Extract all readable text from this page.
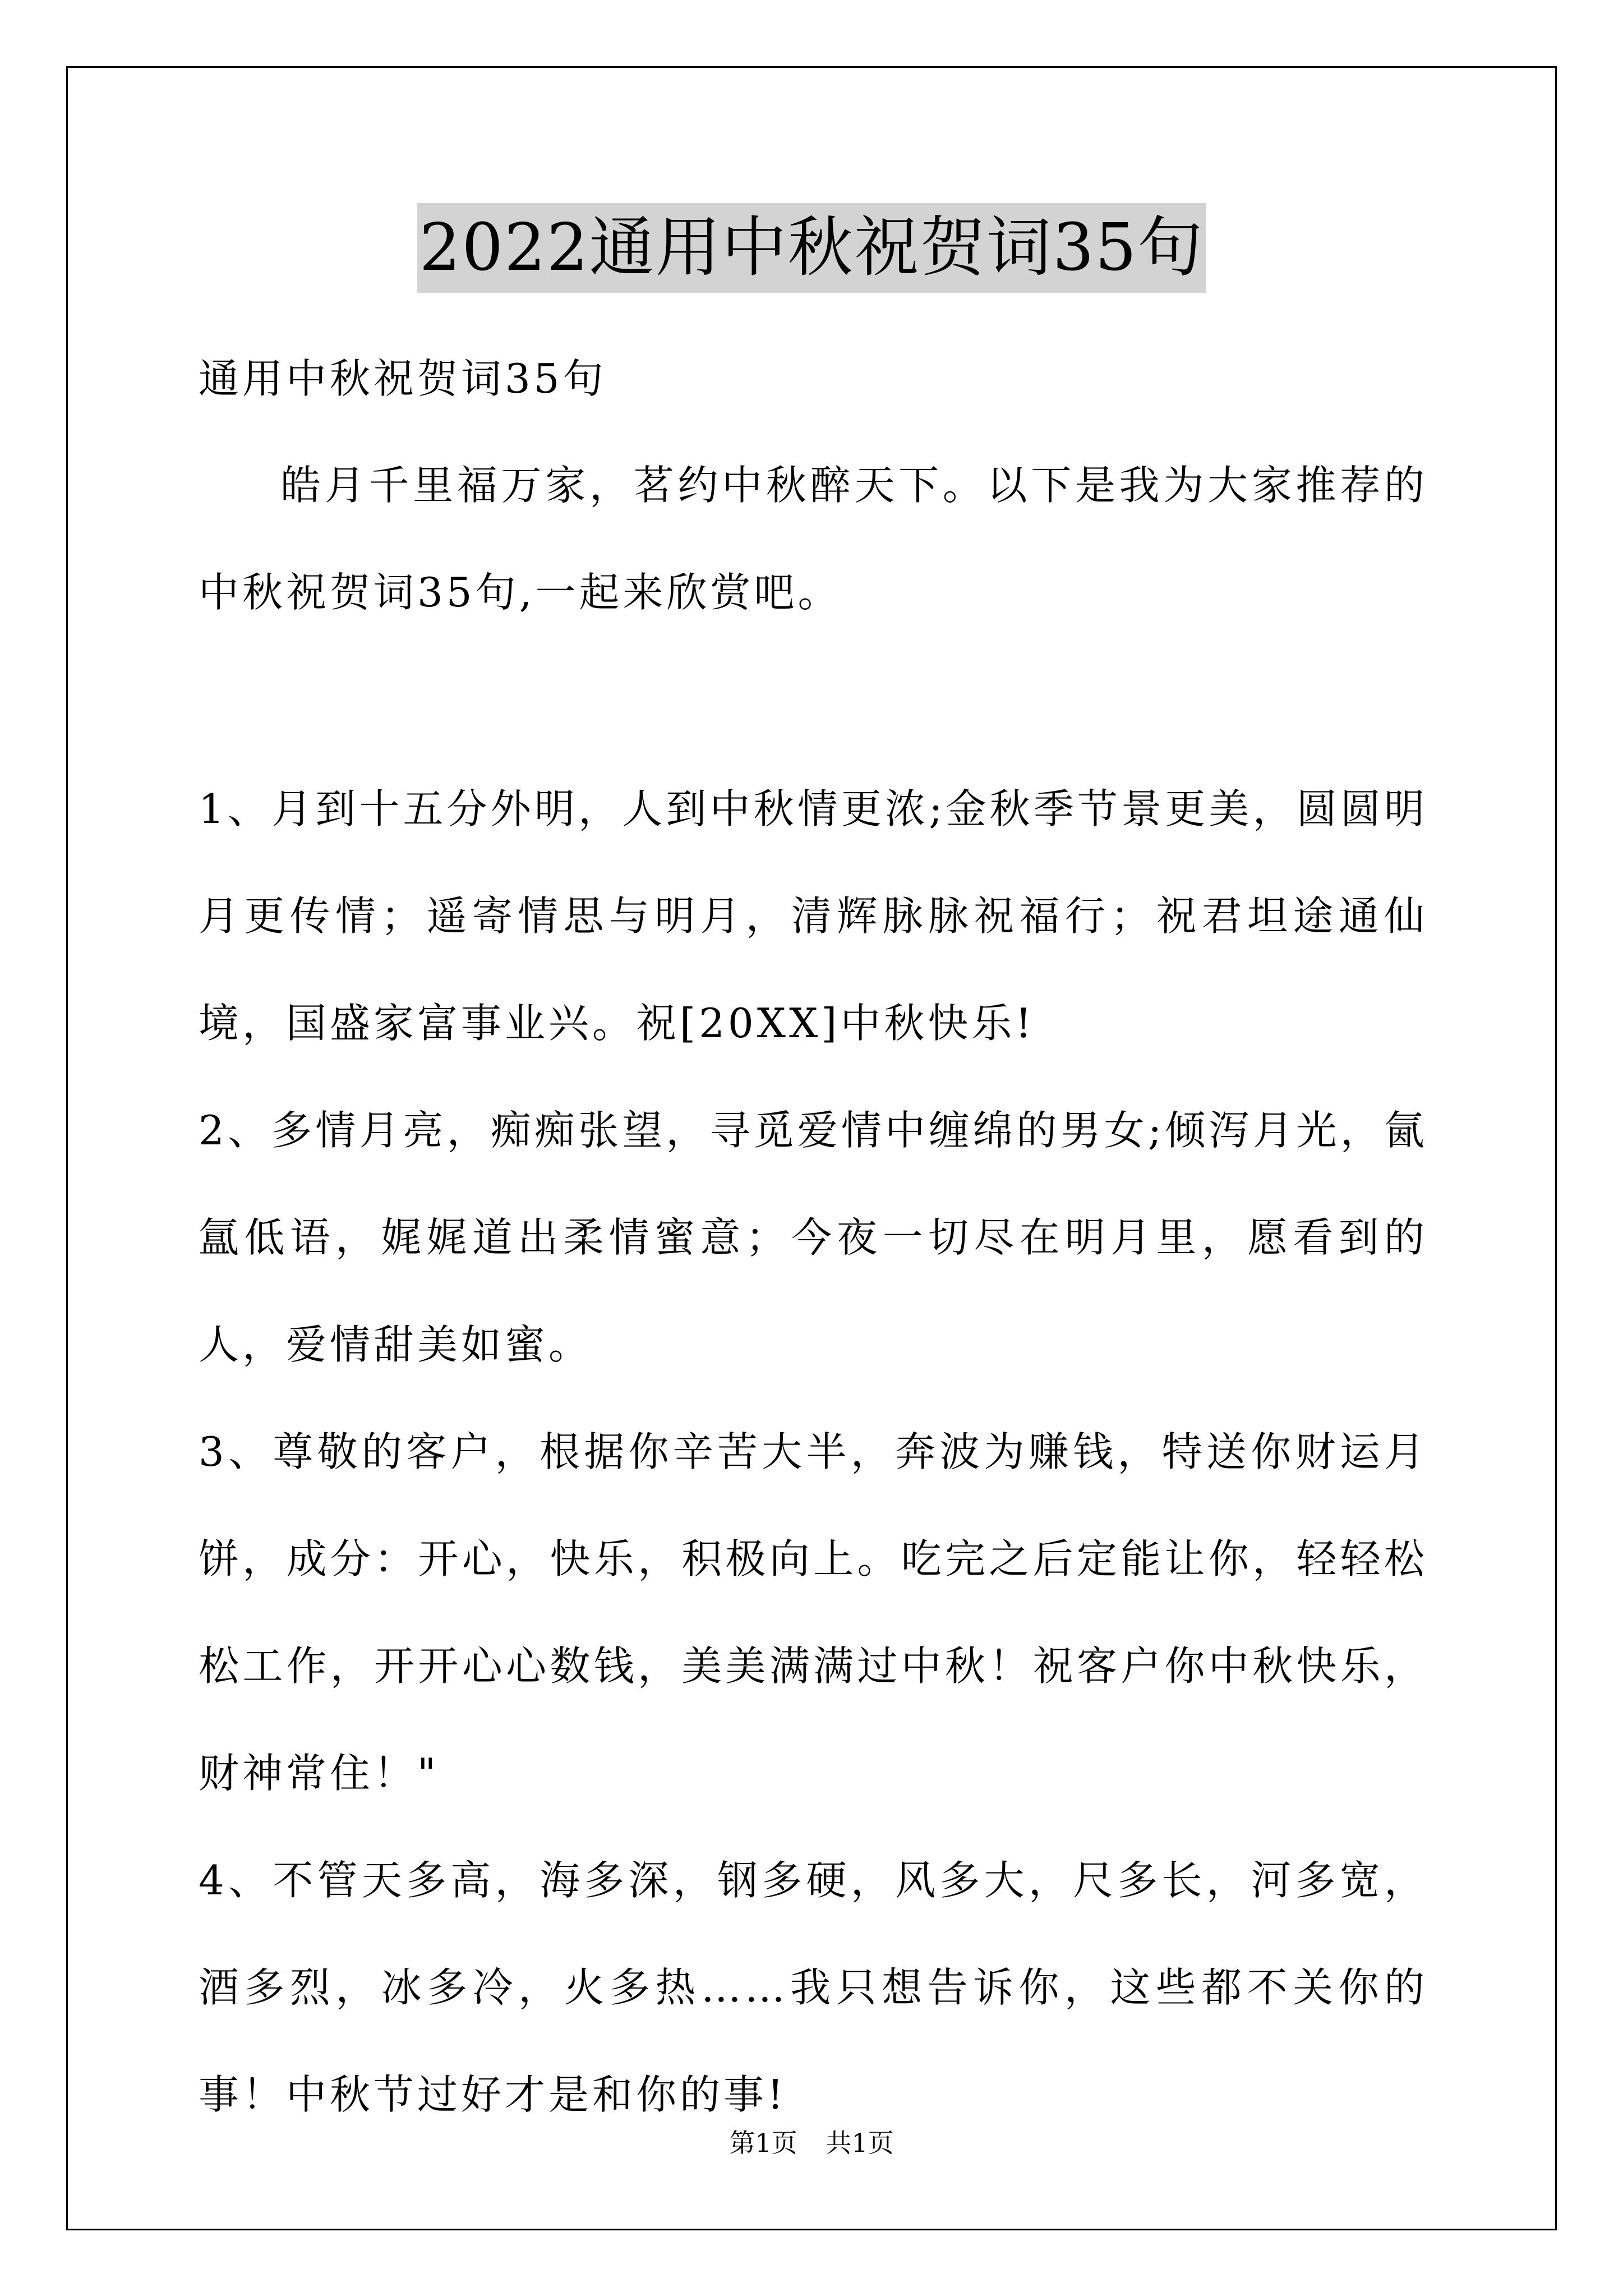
2022通用中秋祝贺词35句
通用中秋祝贺词35句
皓月千里福万家，茗约中秋醉天下。以下是我为大家推荐的中秋祝贺词35句,一起来欣赏吧。

1、月到十五分外明，人到中秋情更浓;金秋季节景更美，圆圆明月更传情；遥寄情思与明月，清辉脉脉祝福行；祝君坦途通仙境，国盛家富事业兴。祝[20XX]中秋快乐!

2、多情月亮，痴痴张望，寻觅爱情中缠绵的男女;倾泻月光，氤氲低语，娓娓道出柔情蜜意；今夜一切尽在明月里，愿看到的人，爱情甜美如蜜。

3、尊敬的客户，根据你辛苦大半，奔波为赚钱，特送你财运月饼，成分：开心，快乐，积极向上。吃完之后定能让你，轻轻松松工作，开开心心数钱，美美满满过中秋！祝客户你中秋快乐，财神常住！"

4、不管天多高，海多深，钢多硬，风多大，尺多长，河多宽，酒多烈，冰多冷，火多热……我只想告诉你，这些都不关你的事！中秋节过好才是和你的事!

第1页 共1页
